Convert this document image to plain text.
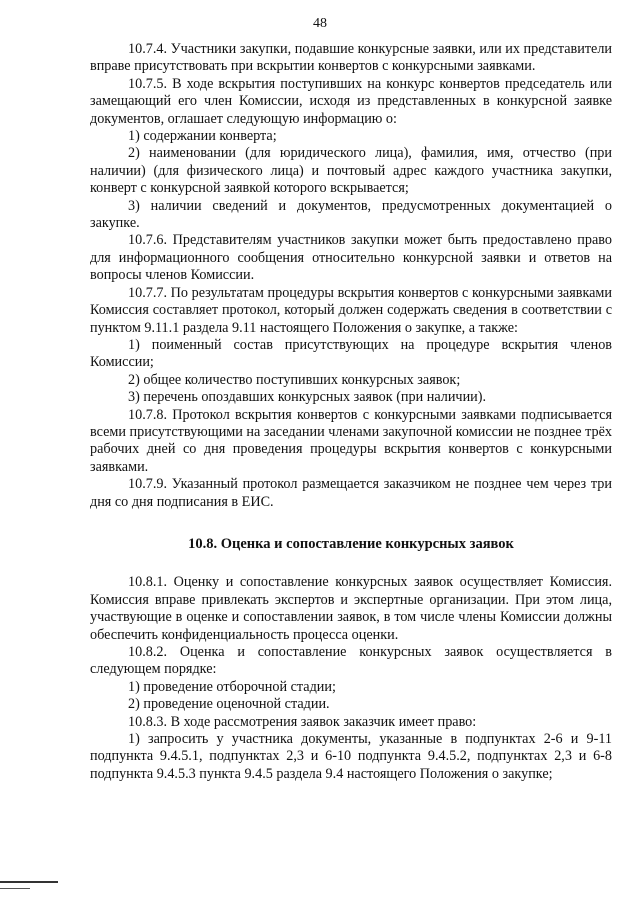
48

10.7.4. Участники закупки, подавшие конкурсные заявки, или их представители вправе присутствовать при вскрытии конвертов с конкурсными заявками.

10.7.5. В ходе вскрытия поступивших на конкурс конвертов председатель или замещающий его член Комиссии, исходя из представленных в конкурсной заявке документов, оглашает следующую информацию о:

1) содержании конверта;

2) наименовании (для юридического лица), фамилия, имя, отчество (при наличии) (для физического лица) и почтовый адрес каждого участника закупки, конверт с конкурсной заявкой которого вскрывается;

3) наличии сведений и документов, предусмотренных документацией о закупке.

10.7.6. Представителям участников закупки может быть предоставлено право для информационного сообщения относительно конкурсной заявки и ответов на вопросы членов Комиссии.

10.7.7. По результатам процедуры вскрытия конвертов с конкурсными заявками Комиссия составляет протокол, который должен содержать сведения в соответствии с пунктом 9.11.1 раздела 9.11 настоящего Положения о закупке, а также:

1) поименный состав присутствующих на процедуре вскрытия членов Комиссии;

2) общее количество поступивших конкурсных заявок;

3) перечень опоздавших конкурсных заявок (при наличии).

10.7.8. Протокол вскрытия конвертов с конкурсными заявками подписывается всеми присутствующими на заседании членами закупочной комиссии не позднее трёх рабочих дней со дня проведения процедуры вскрытия конвертов с конкурсными заявками.

10.7.9. Указанный протокол размещается заказчиком не позднее чем через три дня со дня подписания в ЕИС.

10.8. Оценка и сопоставление конкурсных заявок

10.8.1. Оценку и сопоставление конкурсных заявок осуществляет Комиссия. Комиссия вправе привлекать экспертов и экспертные организации. При этом лица, участвующие в оценке и сопоставлении заявок, в том числе члены Комиссии должны обеспечить конфиденциальность процесса оценки.

10.8.2. Оценка и сопоставление конкурсных заявок осуществляется в следующем порядке:

1) проведение отборочной стадии;

2) проведение оценочной стадии.

10.8.3. В ходе рассмотрения заявок заказчик имеет право:

1) запросить у участника документы, указанные в подпунктах 2-6 и 9-11 подпункта 9.4.5.1, подпунктах 2,3 и 6-10 подпункта 9.4.5.2, подпунктах 2,3 и 6-8 подпункта 9.4.5.3 пункта 9.4.5 раздела 9.4 настоящего Положения о закупке;
